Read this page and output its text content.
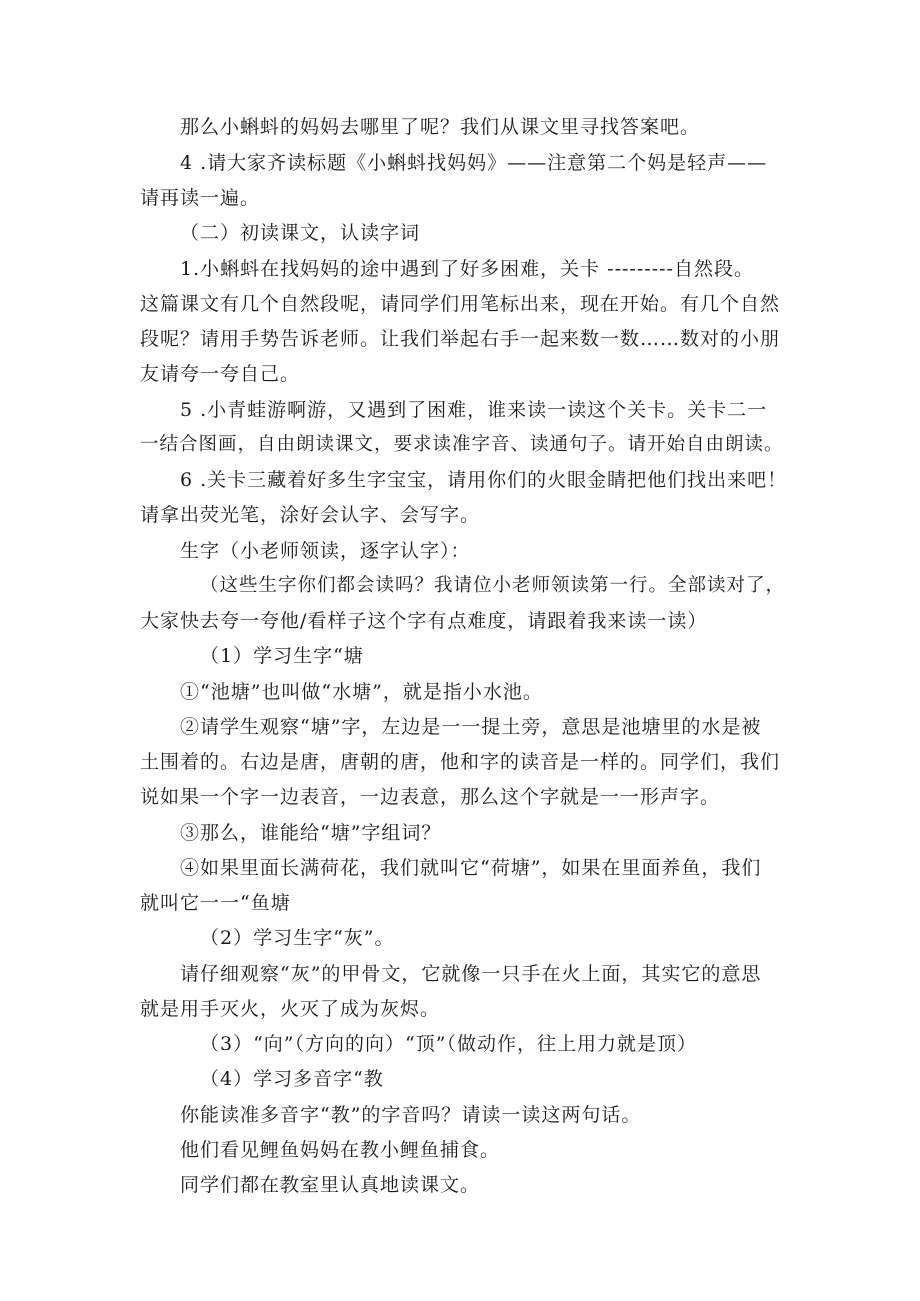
那么小蝌蚪的妈妈去哪里了呢？我们从课文里寻找答案吧。
4 .请大家齐读标题《小蝌蚪找妈妈》——注意第二个妈是轻声——
请再读一遍。
（二）初读课文，认读字词
1.小蝌蚪在找妈妈的途中遇到了好多困难，关卡 ---------自然段。
这篇课文有几个自然段呢，请同学们用笔标出来，现在开始。有几个自然
段呢？请用手势告诉老师。让我们举起右手一起来数一数……数对的小朋
友请夸一夸自己。
5 .小青蛙游啊游，又遇到了困难，谁来读一读这个关卡。关卡二一
一结合图画，自由朗读课文，要求读准字音、读通句子。请开始自由朗读。
6 .关卡三藏着好多生字宝宝，请用你们的火眼金睛把他们找出来吧！
请拿出荧光笔，涂好会认字、会写字。
生字（小老师领读，逐字认字）：
（这些生字你们都会读吗？我请位小老师领读第一行。全部读对了，
大家快去夸一夸他/看样子这个字有点难度，请跟着我来读一读）
（1）学习生字“塘
①“池塘”也叫做“水塘”，就是指小水池。
②请学生观察“塘”字，左边是一一提土旁，意思是池塘里的水是被
土围着的。右边是唐，唐朝的唐，他和字的读音是一样的。同学们，我们
说如果一个字一边表音，一边表意，那么这个字就是一一形声字。
③那么，谁能给“塘”字组词？
④如果里面长满荷花，我们就叫它“荷塘”，如果在里面养鱼，我们
就叫它一一“鱼塘
（2）学习生字“灰”。
请仔细观察“灰”的甲骨文，它就像一只手在火上面，其实它的意思
就是用手灭火，火灭了成为灰烬。
（3）“向”（方向的向）“顶”（做动作，往上用力就是顶）
（4）学习多音字“教
你能读准多音字“教”的字音吗？请读一读这两句话。
他们看见鲤鱼妈妈在教小鲤鱼捕食。
同学们都在教室里认真地读课文。
